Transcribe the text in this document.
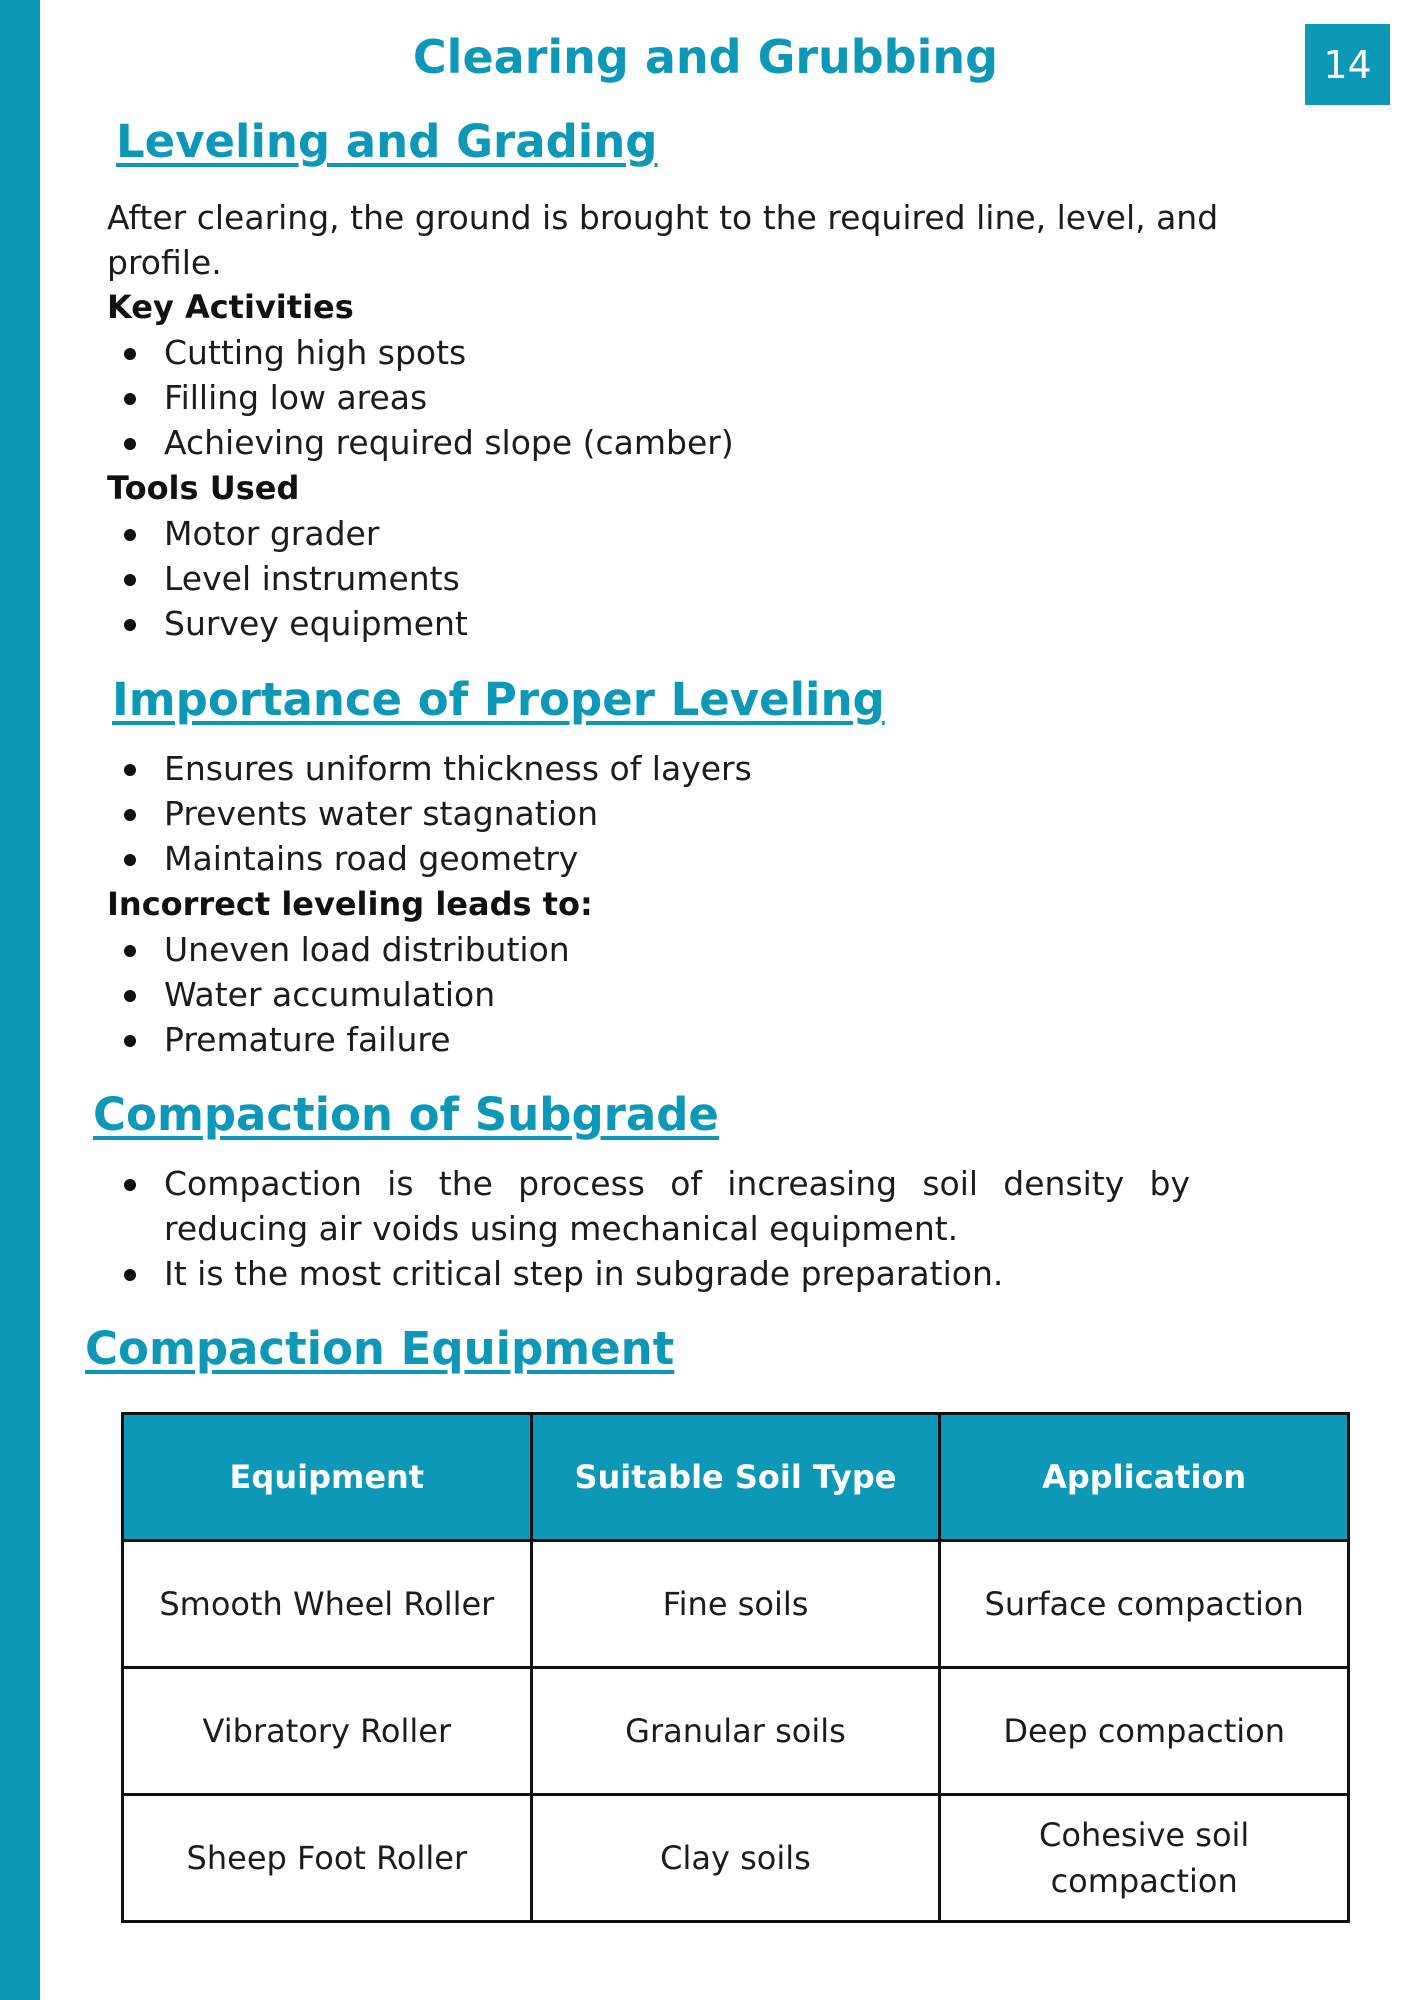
14
Clearing and Grubbing
Leveling and Grading

After clearing, the ground is brought to the required line, level, and profile.

Key Activities

Cutting high spots
Filling low areas
Achieving required slope (camber)

Tools Used

Motor grader
Level instruments
Survey equipment
Importance of Proper Leveling
Ensures uniform thickness of layers
Prevents water stagnation
Maintains road geometry

Incorrect leveling leads to:

Uneven load distribution
Water accumulation
Premature failure
Compaction of Subgrade
Compaction is the process of increasing soil density by reducing air voids using mechanical equipment.
It is the most critical step in subgrade preparation.
Compaction Equipment
Equipment	Suitable Soil Type	Application
Smooth Wheel Roller	Fine soils	Surface compaction
Vibratory Roller	Granular soils	Deep compaction
Sheep Foot Roller	Clay soils	Cohesive soil compaction
